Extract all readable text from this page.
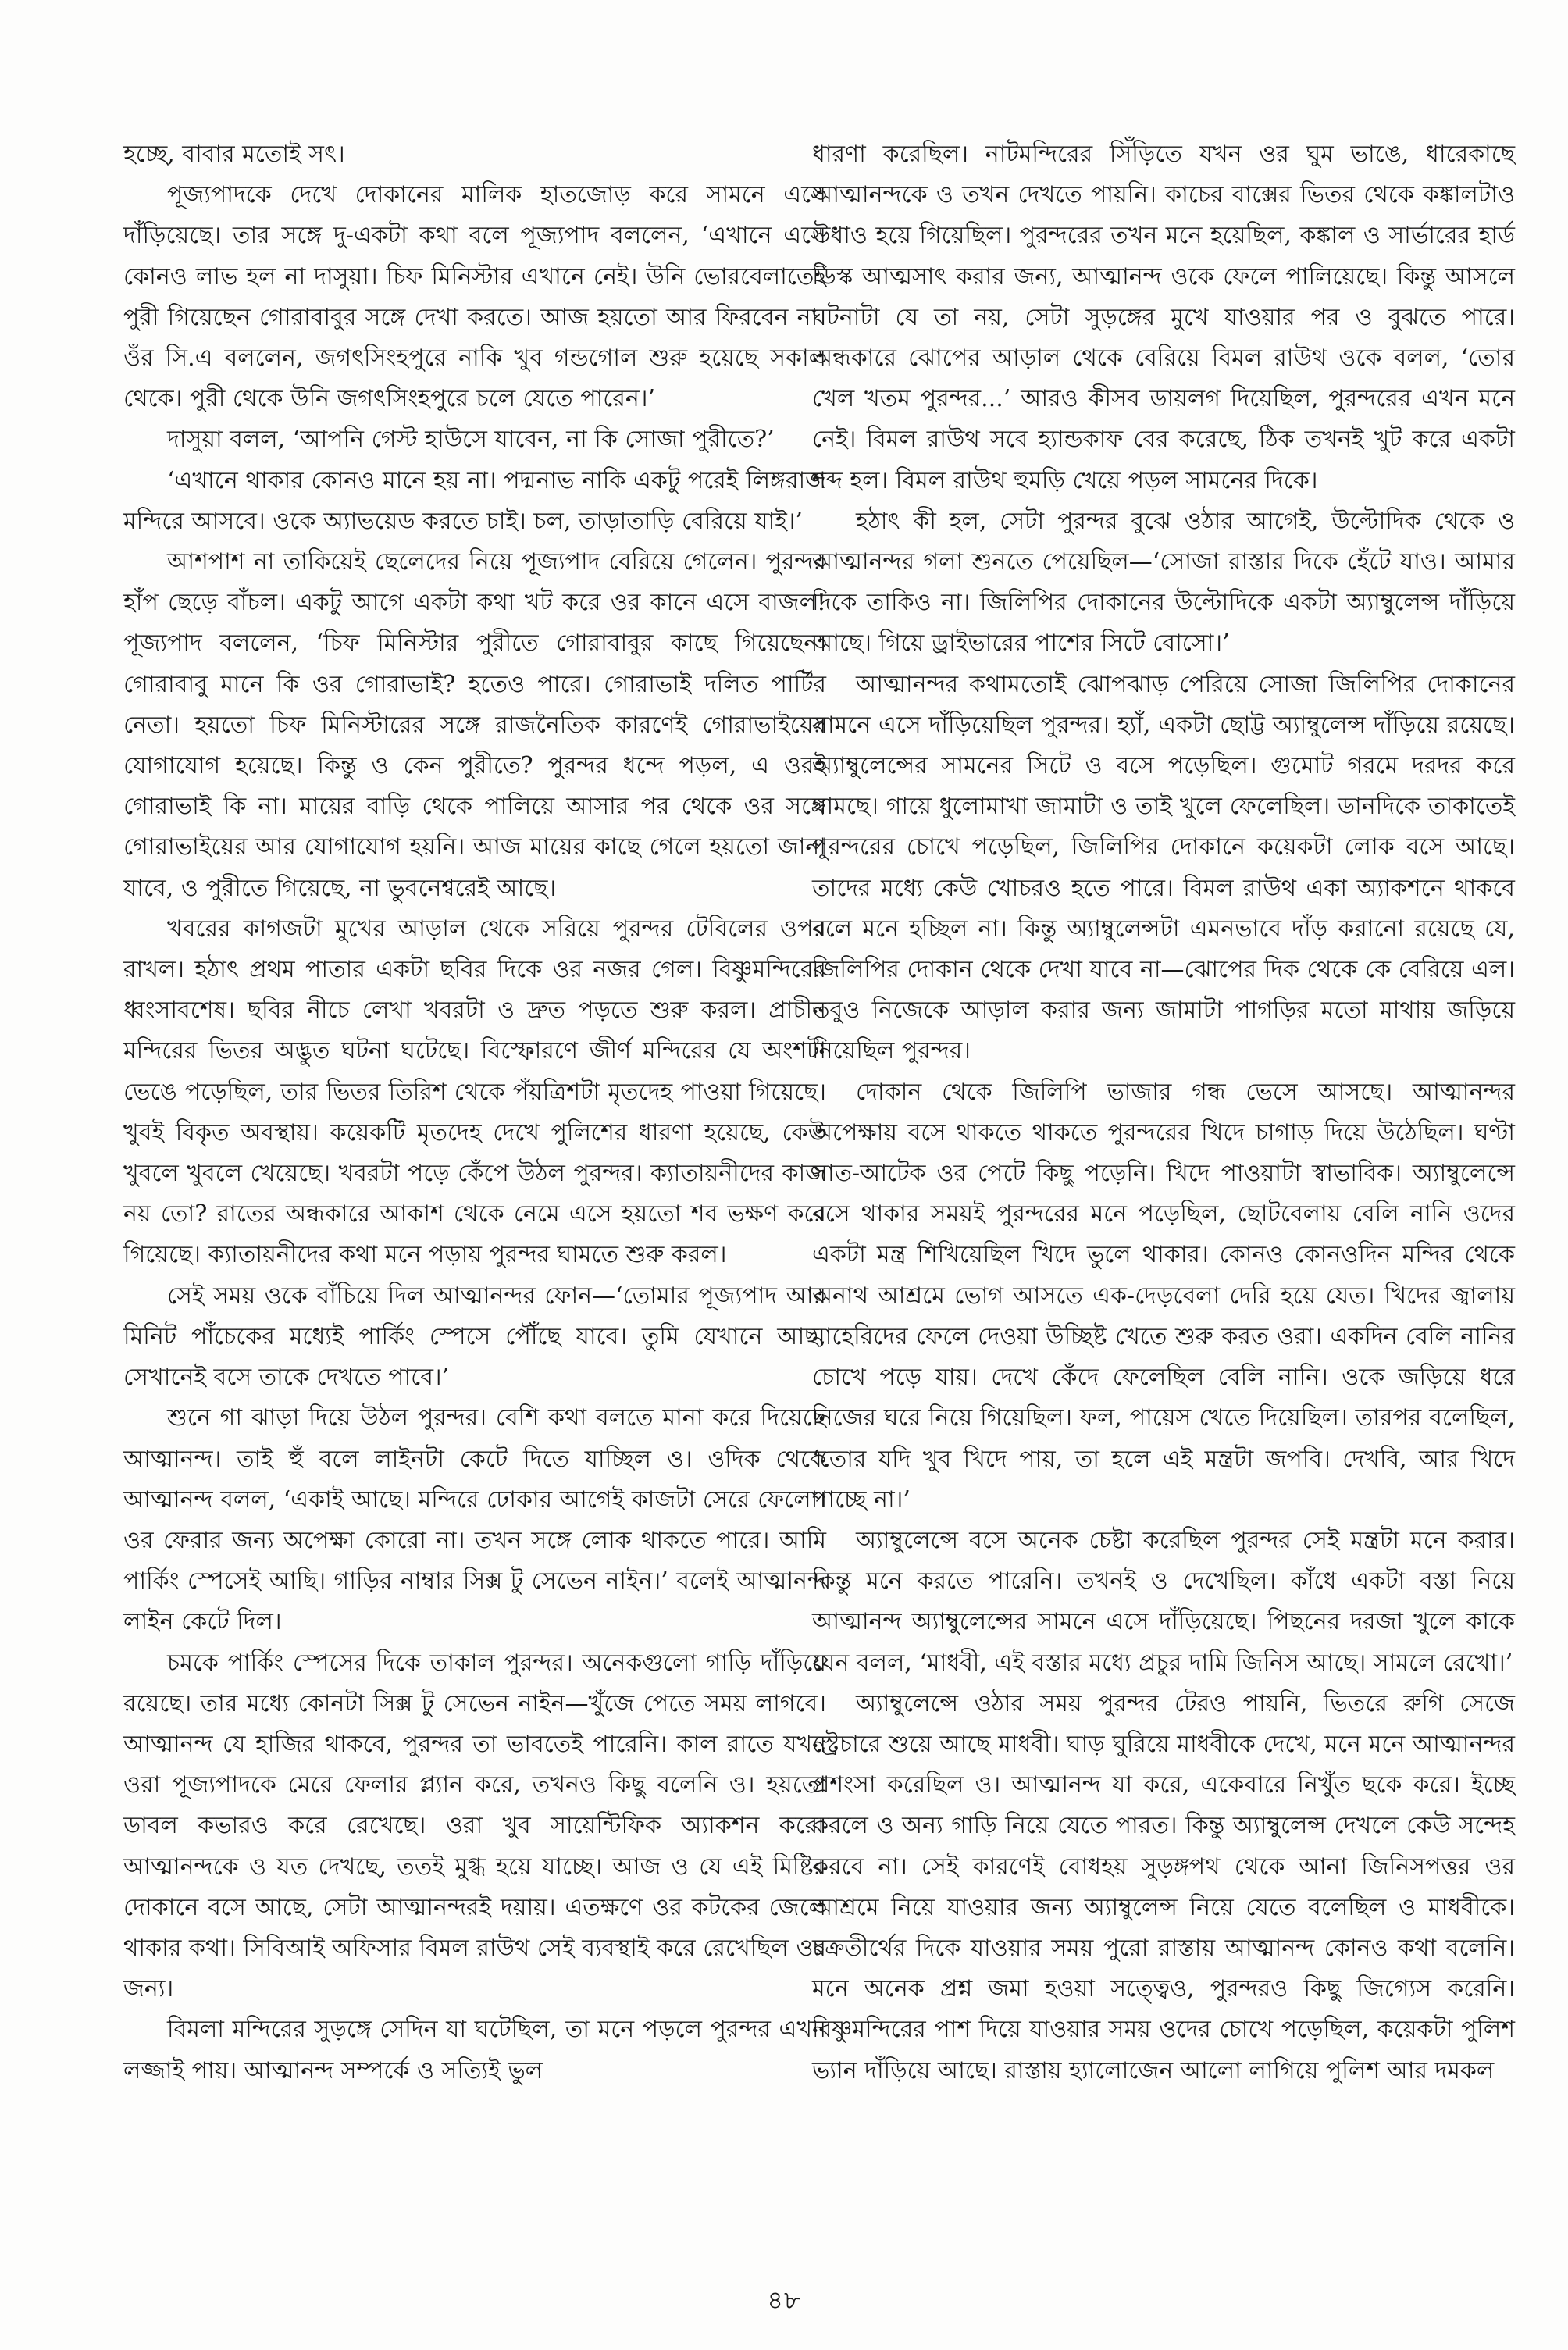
হচ্ছে, বাবার মতোই সৎ।

পূজ্যপাদকে দেখে দোকানের মালিক হাতজোড় করে সামনে এসে দাঁড়িয়েছে। তার সঙ্গে দু-একটা কথা বলে পূজ্যপাদ বললেন, ‘এখানে এসে কোনও লাভ হল না দাসুয়া। চিফ মিনিস্টার এখানে নেই। উনি ভোরবেলাতেই পুরী গিয়েছেন গোরাবাবুর সঙ্গে দেখা করতে। আজ হয়তো আর ফিরবেন না। ওঁর সি.এ বললেন, জগৎসিংহপুরে নাকি খুব গন্ডগোল শুরু হয়েছে সকাল থেকে। পুরী থেকে উনি জগৎসিংহপুরে চলে যেতে পারেন।’

দাসুয়া বলল, ‘আপনি গেস্ট হাউসে যাবেন, না কি সোজা পুরীতে?’

‘এখানে থাকার কোনও মানে হয় না। পদ্মনাভ নাকি একটু পরেই লিঙ্গরাজ মন্দিরে আসবে। ওকে অ্যাভয়েড করতে চাই। চল, তাড়াতাড়ি বেরিয়ে যাই।’

আশপাশ না তাকিয়েই ছেলেদের নিয়ে পূজ্যপাদ বেরিয়ে গেলেন। পুরন্দর হাঁপ ছেড়ে বাঁচল। একটু আগে একটা কথা খট করে ওর কানে এসে বাজল! পূজ্যপাদ বললেন, ‘চিফ মিনিস্টার পুরীতে গোরাবাবুর কাছে গিয়েছেন। গোরাবাবু মানে কি ওর গোরাভাই? হতেও পারে। গোরাভাই দলিত পার্টির নেতা। হয়তো চিফ মিনিস্টারের সঙ্গে রাজনৈতিক কারণেই গোরাভাইয়ের যোগাযোগ হয়েছে। কিন্তু ও কেন পুরীতে? পুরন্দর ধন্দে পড়ল, এ ওরই গোরাভাই কি না। মায়ের বাড়ি থেকে পালিয়ে আসার পর থেকে ওর সঙ্গে গোরাভাইয়ের আর যোগাযোগ হয়নি। আজ মায়ের কাছে গেলে হয়তো জানা যাবে, ও পুরীতে গিয়েছে, না ভুবনেশ্বরেই আছে।

খবরের কাগজটা মুখের আড়াল থেকে সরিয়ে পুরন্দর টেবিলের ওপর রাখল। হঠাৎ প্রথম পাতার একটা ছবির দিকে ওর নজর গেল। বিষ্ণুমন্দিরের ধ্বংসাবশেষ। ছবির নীচে লেখা খবরটা ও দ্রুত পড়তে শুরু করল। প্রাচীন মন্দিরের ভিতর অদ্ভুত ঘটনা ঘটেছে। বিস্ফোরণে জীর্ণ মন্দিরের যে অংশটা ভেঙে পড়েছিল, তার ভিতর তিরিশ থেকে পঁয়ত্রিশটা মৃতদেহ পাওয়া গিয়েছে। খুবই বিকৃত অবস্থায়। কয়েকটি মৃতদেহ দেখে পুলিশের ধারণা হয়েছে, কেউ খুবলে খুবলে খেয়েছে। খবরটা পড়ে কেঁপে উঠল পুরন্দর। ক্যাতায়নীদের কাজ নয় তো? রাতের অন্ধকারে আকাশ থেকে নেমে এসে হয়তো শব ভক্ষণ করে গিয়েছে। ক্যাতায়নীদের কথা মনে পড়ায় পুরন্দর ঘামতে শুরু করল।

সেই সময় ওকে বাঁচিয়ে দিল আত্মানন্দর ফোন—‘তোমার পূজ্যপাদ আর মিনিট পাঁচেকের মধ্যেই পার্কিং স্পেসে পৌঁছে যাবে। তুমি যেখানে আছ, সেখানেই বসে তাকে দেখতে পাবে।’

শুনে গা ঝাড়া দিয়ে উঠল পুরন্দর। বেশি কথা বলতে মানা করে দিয়েছে আত্মানন্দ। তাই হুঁ বলে লাইনটা কেটে দিতে যাচ্ছিল ও। ওদিক থেকে আত্মানন্দ বলল, ‘একাই আছে। মন্দিরে ঢোকার আগেই কাজটা সেরে ফেলো। ওর ফেরার জন্য অপেক্ষা কোরো না। তখন সঙ্গে লোক থাকতে পারে। আমি পার্কিং স্পেসেই আছি। গাড়ির নাম্বার সিক্স টু সেভেন নাইন।’ বলেই আত্মানন্দ লাইন কেটে দিল।

চমকে পার্কিং স্পেসের দিকে তাকাল পুরন্দর। অনেকগুলো গাড়ি দাঁড়িয়ে রয়েছে। তার মধ্যে কোনটা সিক্স টু সেভেন নাইন—খুঁজে পেতে সময় লাগবে। আত্মানন্দ যে হাজির থাকবে, পুরন্দর তা ভাবতেই পারেনি। কাল রাতে যখন ওরা পূজ্যপাদকে মেরে ফেলার প্ল্যান করে, তখনও কিছু বলেনি ও। হয়তো ডাবল কভারও করে রেখেছে। ওরা খুব সায়েন্টিফিক অ্যাকশন করে। আত্মানন্দকে ও যত দেখছে, ততই মুগ্ধ হয়ে যাচ্ছে। আজ ও যে এই মিষ্টির দোকানে বসে আছে, সেটা আত্মানন্দরই দয়ায়। এতক্ষণে ওর কটকের জেলে থাকার কথা। সিবিআই অফিসার বিমল রাউথ সেই ব্যবস্থাই করে রেখেছিল ওর জন্য।

বিমলা মন্দিরের সুড়ঙ্গে সেদিন যা ঘটেছিল, তা মনে পড়লে পুরন্দর এখন লজ্জাই পায়। আত্মানন্দ সম্পর্কে ও সত্যিই ভুল

ধারণা করেছিল। নাটমন্দিরের সিঁড়িতে যখন ওর ঘুম ভাঙে, ধারেকাছে আত্মানন্দকে ও তখন দেখতে পায়নি। কাচের বাক্সের ভিতর থেকে কঙ্কালটাও উধাও হয়ে গিয়েছিল। পুরন্দরের তখন মনে হয়েছিল, কঙ্কাল ও সার্ভারের হার্ড ডিস্ক আত্মসাৎ করার জন্য, আত্মানন্দ ওকে ফেলে পালিয়েছে। কিন্তু আসলে ঘটনাটা যে তা নয়, সেটা সুড়ঙ্গের মুখে যাওয়ার পর ও বুঝতে পারে। অন্ধকারে ঝোপের আড়াল থেকে বেরিয়ে বিমল রাউথ ওকে বলল, ‘তোর খেল খতম পুরন্দর...’ আরও কীসব ডায়লগ দিয়েছিল, পুরন্দরের এখন মনে নেই। বিমল রাউথ সবে হ্যান্ডকাফ বের করেছে, ঠিক তখনই খুট করে একটা শব্দ হল। বিমল রাউথ হুমড়ি খেয়ে পড়ল সামনের দিকে।

হঠাৎ কী হল, সেটা পুরন্দর বুঝে ওঠার আগেই, উল্টোদিক থেকে ও আত্মানন্দর গলা শুনতে পেয়েছিল—‘সোজা রাস্তার দিকে হেঁটে যাও। আমার দিকে তাকিও না। জিলিপির দোকানের উল্টোদিকে একটা অ্যাম্বুলেন্স দাঁড়িয়ে আছে। গিয়ে ড্রাইভারের পাশের সিটে বোসো।’

আত্মানন্দর কথামতোই ঝোপঝাড় পেরিয়ে সোজা জিলিপির দোকানের সামনে এসে দাঁড়িয়েছিল পুরন্দর। হ্যাঁ, একটা ছোট্ট অ্যাম্বুলেন্স দাঁড়িয়ে রয়েছে। অ্যাম্বুলেন্সের সামনের সিটে ও বসে পড়েছিল। গুমোট গরমে দরদর করে ঘামছে। গায়ে ধুলোমাখা জামাটা ও তাই খুলে ফেলেছিল। ডানদিকে তাকাতেই পুরন্দরের চোখে পড়েছিল, জিলিপির দোকানে কয়েকটা লোক বসে আছে। তাদের মধ্যে কেউ খোচরও হতে পারে। বিমল রাউথ একা অ্যাকশনে থাকবে বলে মনে হচ্ছিল না। কিন্তু অ্যাম্বুলেন্সটা এমনভাবে দাঁড় করানো রয়েছে যে, জিলিপির দোকান থেকে দেখা যাবে না—ঝোপের দিক থেকে কে বেরিয়ে এল। তবুও নিজেকে আড়াল করার জন্য জামাটা পাগড়ির মতো মাথায় জড়িয়ে নিয়েছিল পুরন্দর।

দোকান থেকে জিলিপি ভাজার গন্ধ ভেসে আসছে। আত্মানন্দর অপেক্ষায় বসে থাকতে থাকতে পুরন্দরের খিদে চাগাড় দিয়ে উঠেছিল। ঘণ্টা সাত-আটেক ওর পেটে কিছু পড়েনি। খিদে পাওয়াটা স্বাভাবিক। অ্যাম্বুলেন্সে বসে থাকার সময়ই পুরন্দরের মনে পড়েছিল, ছোটবেলায় বেলি নানি ওদের একটা মন্ত্র শিখিয়েছিল খিদে ভুলে থাকার। কোনও কোনওদিন মন্দির থেকে অনাথ আশ্রমে ভোগ আসতে এক-দেড়বেলা দেরি হয়ে যেত। খিদের জ্বালায় মাহেরিদের ফেলে দেওয়া উচ্ছিষ্ট খেতে শুরু করত ওরা। একদিন বেলি নানির চোখে পড়ে যায়। দেখে কেঁদে ফেলেছিল বেলি নানি। ওকে জড়িয়ে ধরে নিজের ঘরে নিয়ে গিয়েছিল। ফল, পায়েস খেতে দিয়েছিল। তারপর বলেছিল, ‘তোর যদি খুব খিদে পায়, তা হলে এই মন্ত্রটা জপবি। দেখবি, আর খিদে পাচ্ছে না।’

অ্যাম্বুলেন্সে বসে অনেক চেষ্টা করেছিল পুরন্দর সেই মন্ত্রটা মনে করার। কিন্তু মনে করতে পারেনি। তখনই ও দেখেছিল। কাঁধে একটা বস্তা নিয়ে আত্মানন্দ অ্যাম্বুলেন্সের সামনে এসে দাঁড়িয়েছে। পিছনের দরজা খুলে কাকে যেন বলল, ‘মাধবী, এই বস্তার মধ্যে প্রচুর দামি জিনিস আছে। সামলে রেখো।’

অ্যাম্বুলেন্সে ওঠার সময় পুরন্দর টেরও পায়নি, ভিতরে রুগি সেজে স্ট্রেচারে শুয়ে আছে মাধবী। ঘাড় ঘুরিয়ে মাধবীকে দেখে, মনে মনে আত্মানন্দর প্রশংসা করেছিল ও। আত্মানন্দ যা করে, একেবারে নিখুঁত ছকে করে। ইচ্ছে করলে ও অন্য গাড়ি নিয়ে যেতে পারত। কিন্তু অ্যাম্বুলেন্স দেখলে কেউ সন্দেহ করবে না। সেই কারণেই বোধহয় সুড়ঙ্গপথ থেকে আনা জিনিসপত্তর ওর আশ্রমে নিয়ে যাওয়ার জন্য অ্যাম্বুলেন্স নিয়ে যেতে বলেছিল ও মাধবীকে। চক্রতীর্থের দিকে যাওয়ার সময় পুরো রাস্তায় আত্মানন্দ কোনও কথা বলেনি। মনে অনেক প্রশ্ন জমা হওয়া সত্ত্বেও, পুরন্দরও কিছু জিগ্যেস করেনি। বিষ্ণুমন্দিরের পাশ দিয়ে যাওয়ার সময় ওদের চোখে পড়েছিল, কয়েকটা পুলিশ ভ্যান দাঁড়িয়ে আছে। রাস্তায় হ্যালোজেন আলো লাগিয়ে পুলিশ আর দমকল

৪৮
